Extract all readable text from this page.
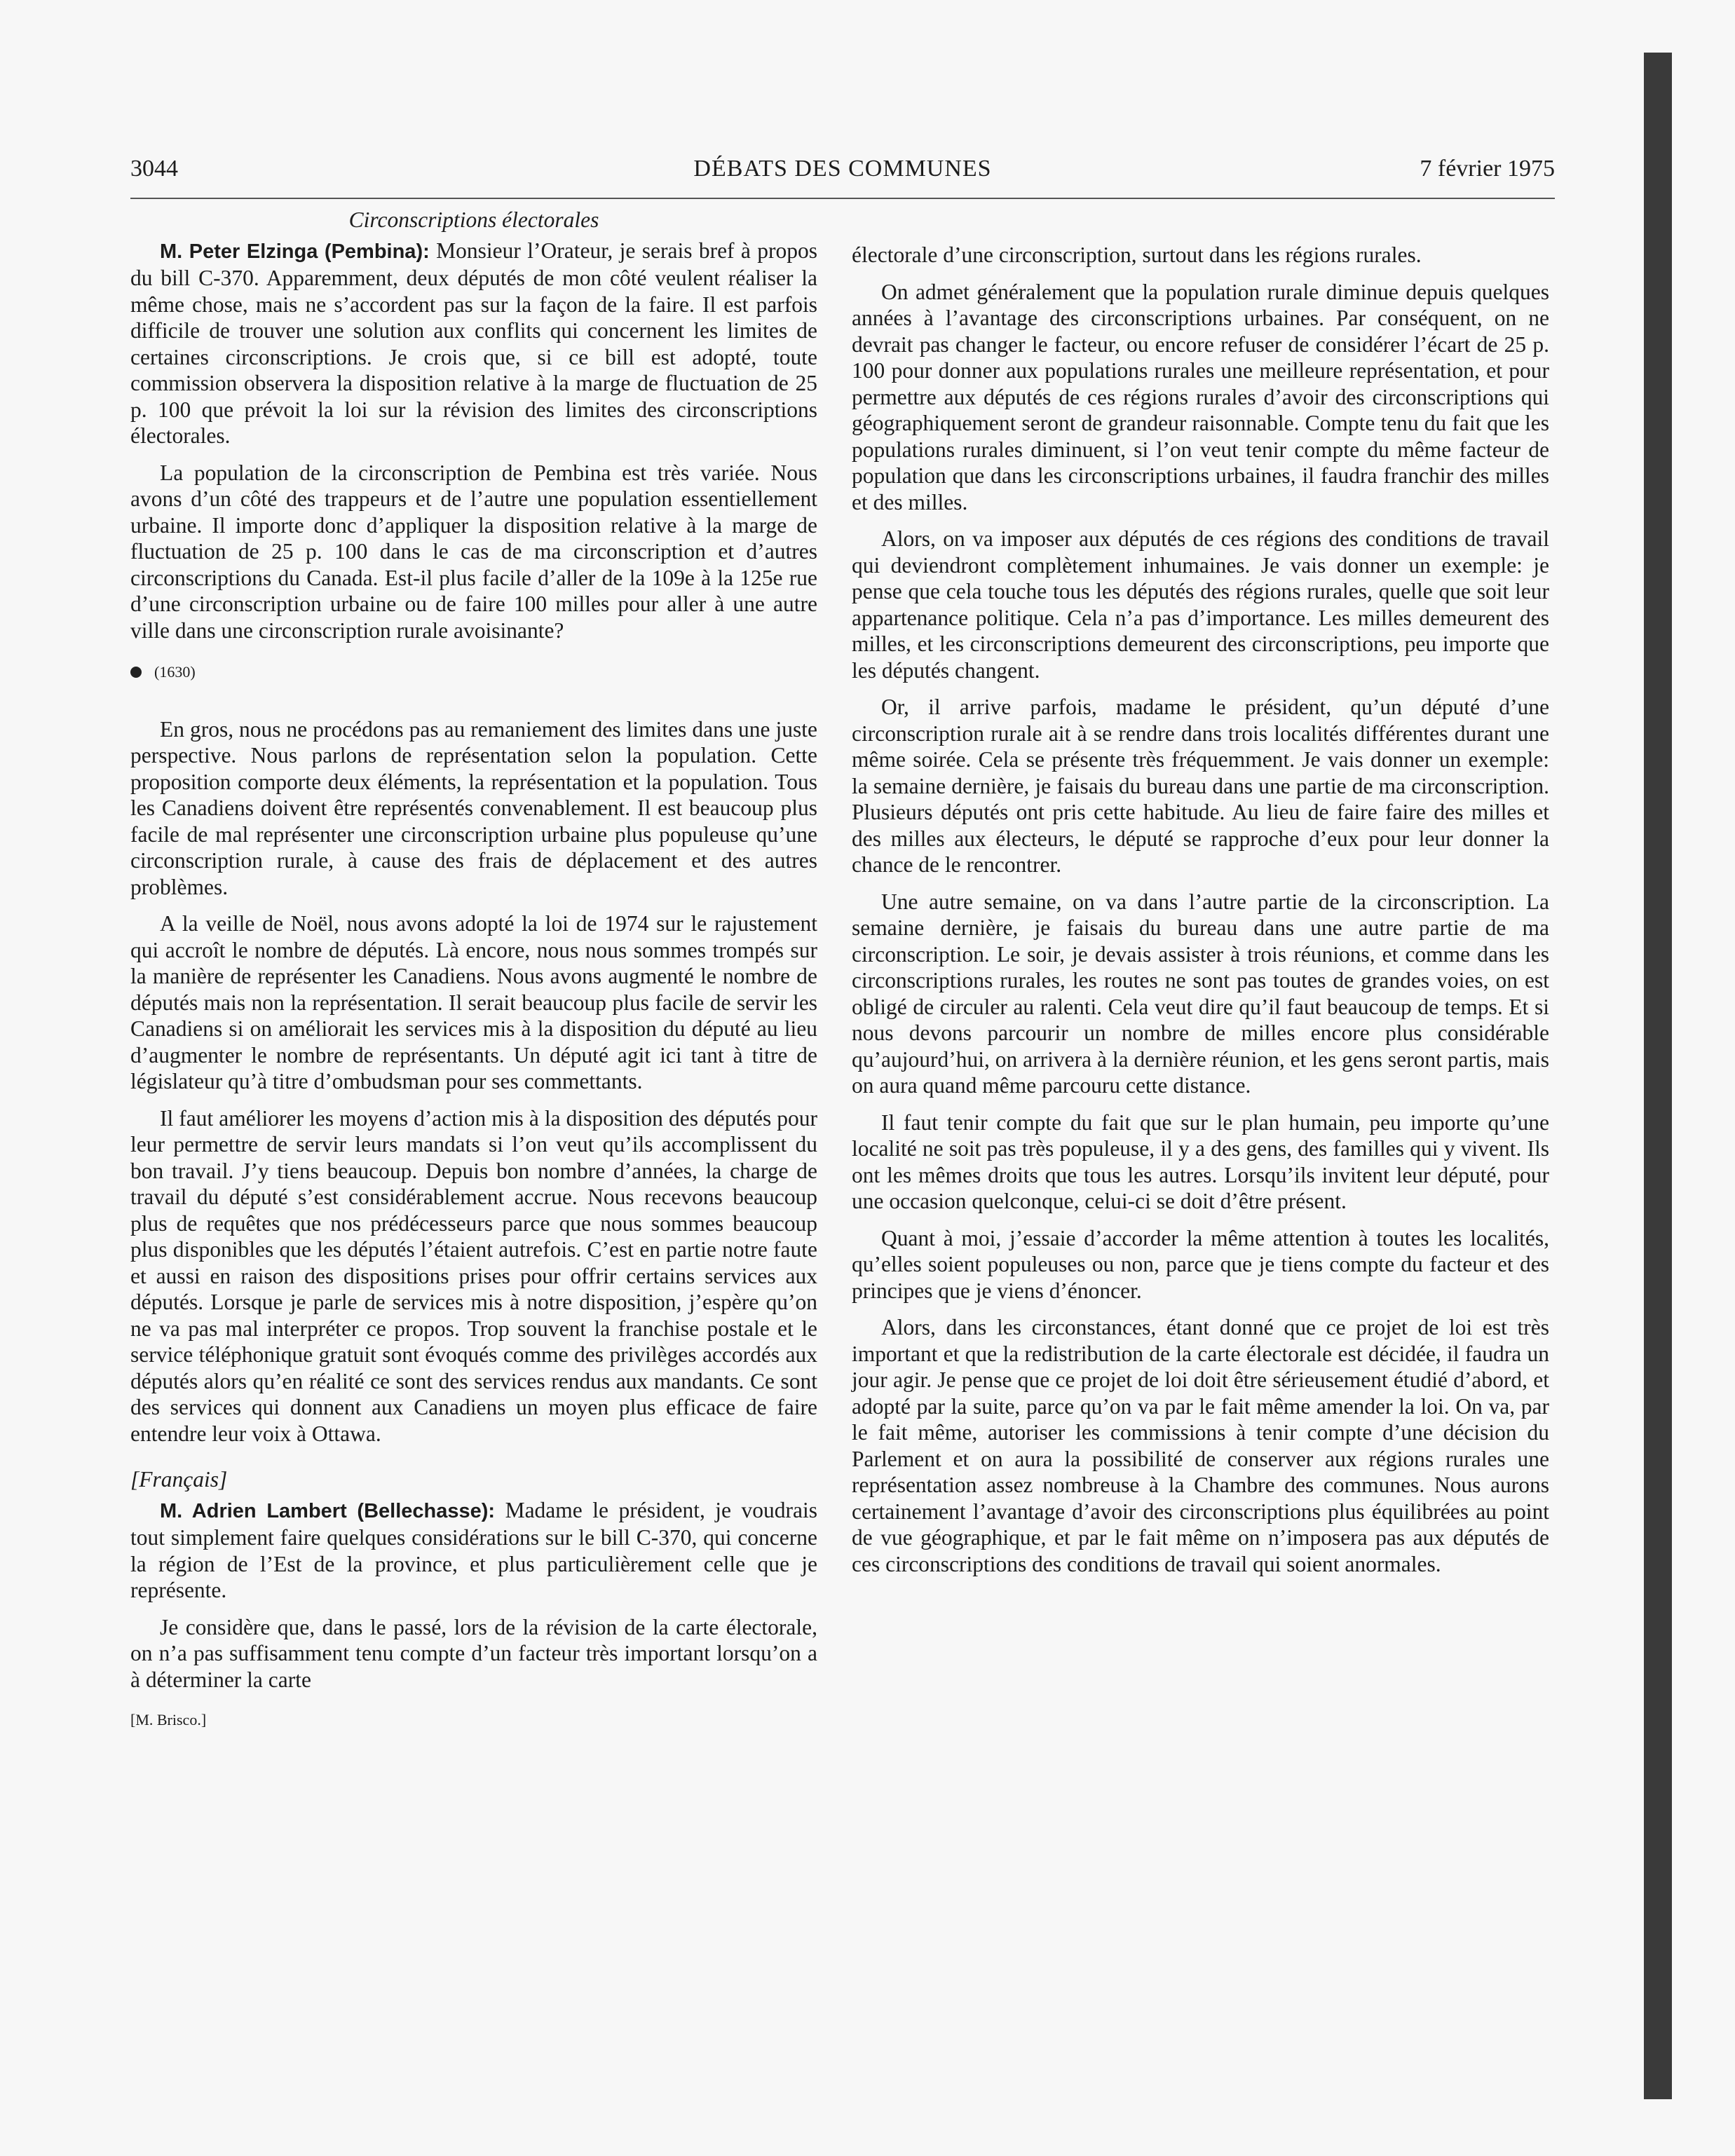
3044	DÉBATS DES COMMUNES	7 février 1975
Circonscriptions électorales

M. Peter Elzinga (Pembina): Monsieur l’Orateur, je serais bref à propos du bill C-370. Apparemment, deux députés de mon côté veulent réaliser la même chose, mais ne s’accordent pas sur la façon de la faire. Il est parfois difficile de trouver une solution aux conflits qui concernent les limites de certaines circonscriptions. Je crois que, si ce bill est adopté, toute commission observera la disposition relative à la marge de fluctuation de 25 p. 100 que prévoit la loi sur la révision des limites des circonscriptions électorales.

La population de la circonscription de Pembina est très variée. Nous avons d’un côté des trappeurs et de l’autre une population essentiellement urbaine. Il importe donc d’appliquer la disposition relative à la marge de fluctuation de 25 p. 100 dans le cas de ma circonscription et d’autres circonscriptions du Canada. Est-il plus facile d’aller de la 109e à la 125e rue d’une circonscription urbaine ou de faire 100 milles pour aller à une autre ville dans une circonscription rurale avoisinante?

(1630)

En gros, nous ne procédons pas au remaniement des limites dans une juste perspective. Nous parlons de représentation selon la population. Cette proposition comporte deux éléments, la représentation et la population. Tous les Canadiens doivent être représentés convenablement. Il est beaucoup plus facile de mal représenter une circonscription urbaine plus populeuse qu’une circonscription rurale, à cause des frais de déplacement et des autres problèmes.

A la veille de Noël, nous avons adopté la loi de 1974 sur le rajustement qui accroît le nombre de députés. Là encore, nous nous sommes trompés sur la manière de représenter les Canadiens. Nous avons augmenté le nombre de députés mais non la représentation. Il serait beaucoup plus facile de servir les Canadiens si on améliorait les services mis à la disposition du député au lieu d’augmenter le nombre de représentants. Un député agit ici tant à titre de législateur qu’à titre d’ombudsman pour ses commettants.

Il faut améliorer les moyens d’action mis à la disposition des députés pour leur permettre de servir leurs mandats si l’on veut qu’ils accomplissent du bon travail. J’y tiens beaucoup. Depuis bon nombre d’années, la charge de travail du député s’est considérablement accrue. Nous recevons beaucoup plus de requêtes que nos prédécesseurs parce que nous sommes beaucoup plus disponibles que les députés l’étaient autrefois. C’est en partie notre faute et aussi en raison des dispositions prises pour offrir certains services aux députés. Lorsque je parle de services mis à notre disposition, j’espère qu’on ne va pas mal interpréter ce propos. Trop souvent la franchise postale et le service téléphonique gratuit sont évoqués comme des privilèges accordés aux députés alors qu’en réalité ce sont des services rendus aux mandants. Ce sont des services qui donnent aux Canadiens un moyen plus efficace de faire entendre leur voix à Ottawa.

[Français]

M. Adrien Lambert (Bellechasse): Madame le président, je voudrais tout simplement faire quelques considérations sur le bill C-370, qui concerne la région de l’Est de la province, et plus particulièrement celle que je représente.

Je considère que, dans le passé, lors de la révision de la carte électorale, on n’a pas suffisamment tenu compte d’un facteur très important lorsqu’on a à déterminer la carte

[M. Brisco.]

électorale d’une circonscription, surtout dans les régions rurales.

On admet généralement que la population rurale diminue depuis quelques années à l’avantage des circonscriptions urbaines. Par conséquent, on ne devrait pas changer le facteur, ou encore refuser de considérer l’écart de 25 p. 100 pour donner aux populations rurales une meilleure représentation, et pour permettre aux députés de ces régions rurales d’avoir des circonscriptions qui géographiquement seront de grandeur raisonnable. Compte tenu du fait que les populations rurales diminuent, si l’on veut tenir compte du même facteur de population que dans les circonscriptions urbaines, il faudra franchir des milles et des milles.

Alors, on va imposer aux députés de ces régions des conditions de travail qui deviendront complètement inhumaines. Je vais donner un exemple: je pense que cela touche tous les députés des régions rurales, quelle que soit leur appartenance politique. Cela n’a pas d’importance. Les milles demeurent des milles, et les circonscriptions demeurent des circonscriptions, peu importe que les députés changent.

Or, il arrive parfois, madame le président, qu’un député d’une circonscription rurale ait à se rendre dans trois localités différentes durant une même soirée. Cela se présente très fréquemment. Je vais donner un exemple: la semaine dernière, je faisais du bureau dans une partie de ma circonscription. Plusieurs députés ont pris cette habitude. Au lieu de faire faire des milles et des milles aux électeurs, le député se rapproche d’eux pour leur donner la chance de le rencontrer.

Une autre semaine, on va dans l’autre partie de la circonscription. La semaine dernière, je faisais du bureau dans une autre partie de ma circonscription. Le soir, je devais assister à trois réunions, et comme dans les circonscriptions rurales, les routes ne sont pas toutes de grandes voies, on est obligé de circuler au ralenti. Cela veut dire qu’il faut beaucoup de temps. Et si nous devons parcourir un nombre de milles encore plus considérable qu’aujourd’hui, on arrivera à la dernière réunion, et les gens seront partis, mais on aura quand même parcouru cette distance.

Il faut tenir compte du fait que sur le plan humain, peu importe qu’une localité ne soit pas très populeuse, il y a des gens, des familles qui y vivent. Ils ont les mêmes droits que tous les autres. Lorsqu’ils invitent leur député, pour une occasion quelconque, celui-ci se doit d’être présent.

Quant à moi, j’essaie d’accorder la même attention à toutes les localités, qu’elles soient populeuses ou non, parce que je tiens compte du facteur et des principes que je viens d’énoncer.

Alors, dans les circonstances, étant donné que ce projet de loi est très important et que la redistribution de la carte électorale est décidée, il faudra un jour agir. Je pense que ce projet de loi doit être sérieusement étudié d’abord, et adopté par la suite, parce qu’on va par le fait même amender la loi. On va, par le fait même, autoriser les commissions à tenir compte d’une décision du Parlement et on aura la possibilité de conserver aux régions rurales une représentation assez nombreuse à la Chambre des communes. Nous aurons certainement l’avantage d’avoir des circonscriptions plus équilibrées au point de vue géographique, et par le fait même on n’imposera pas aux députés de ces circonscriptions des conditions de travail qui soient anormales.
